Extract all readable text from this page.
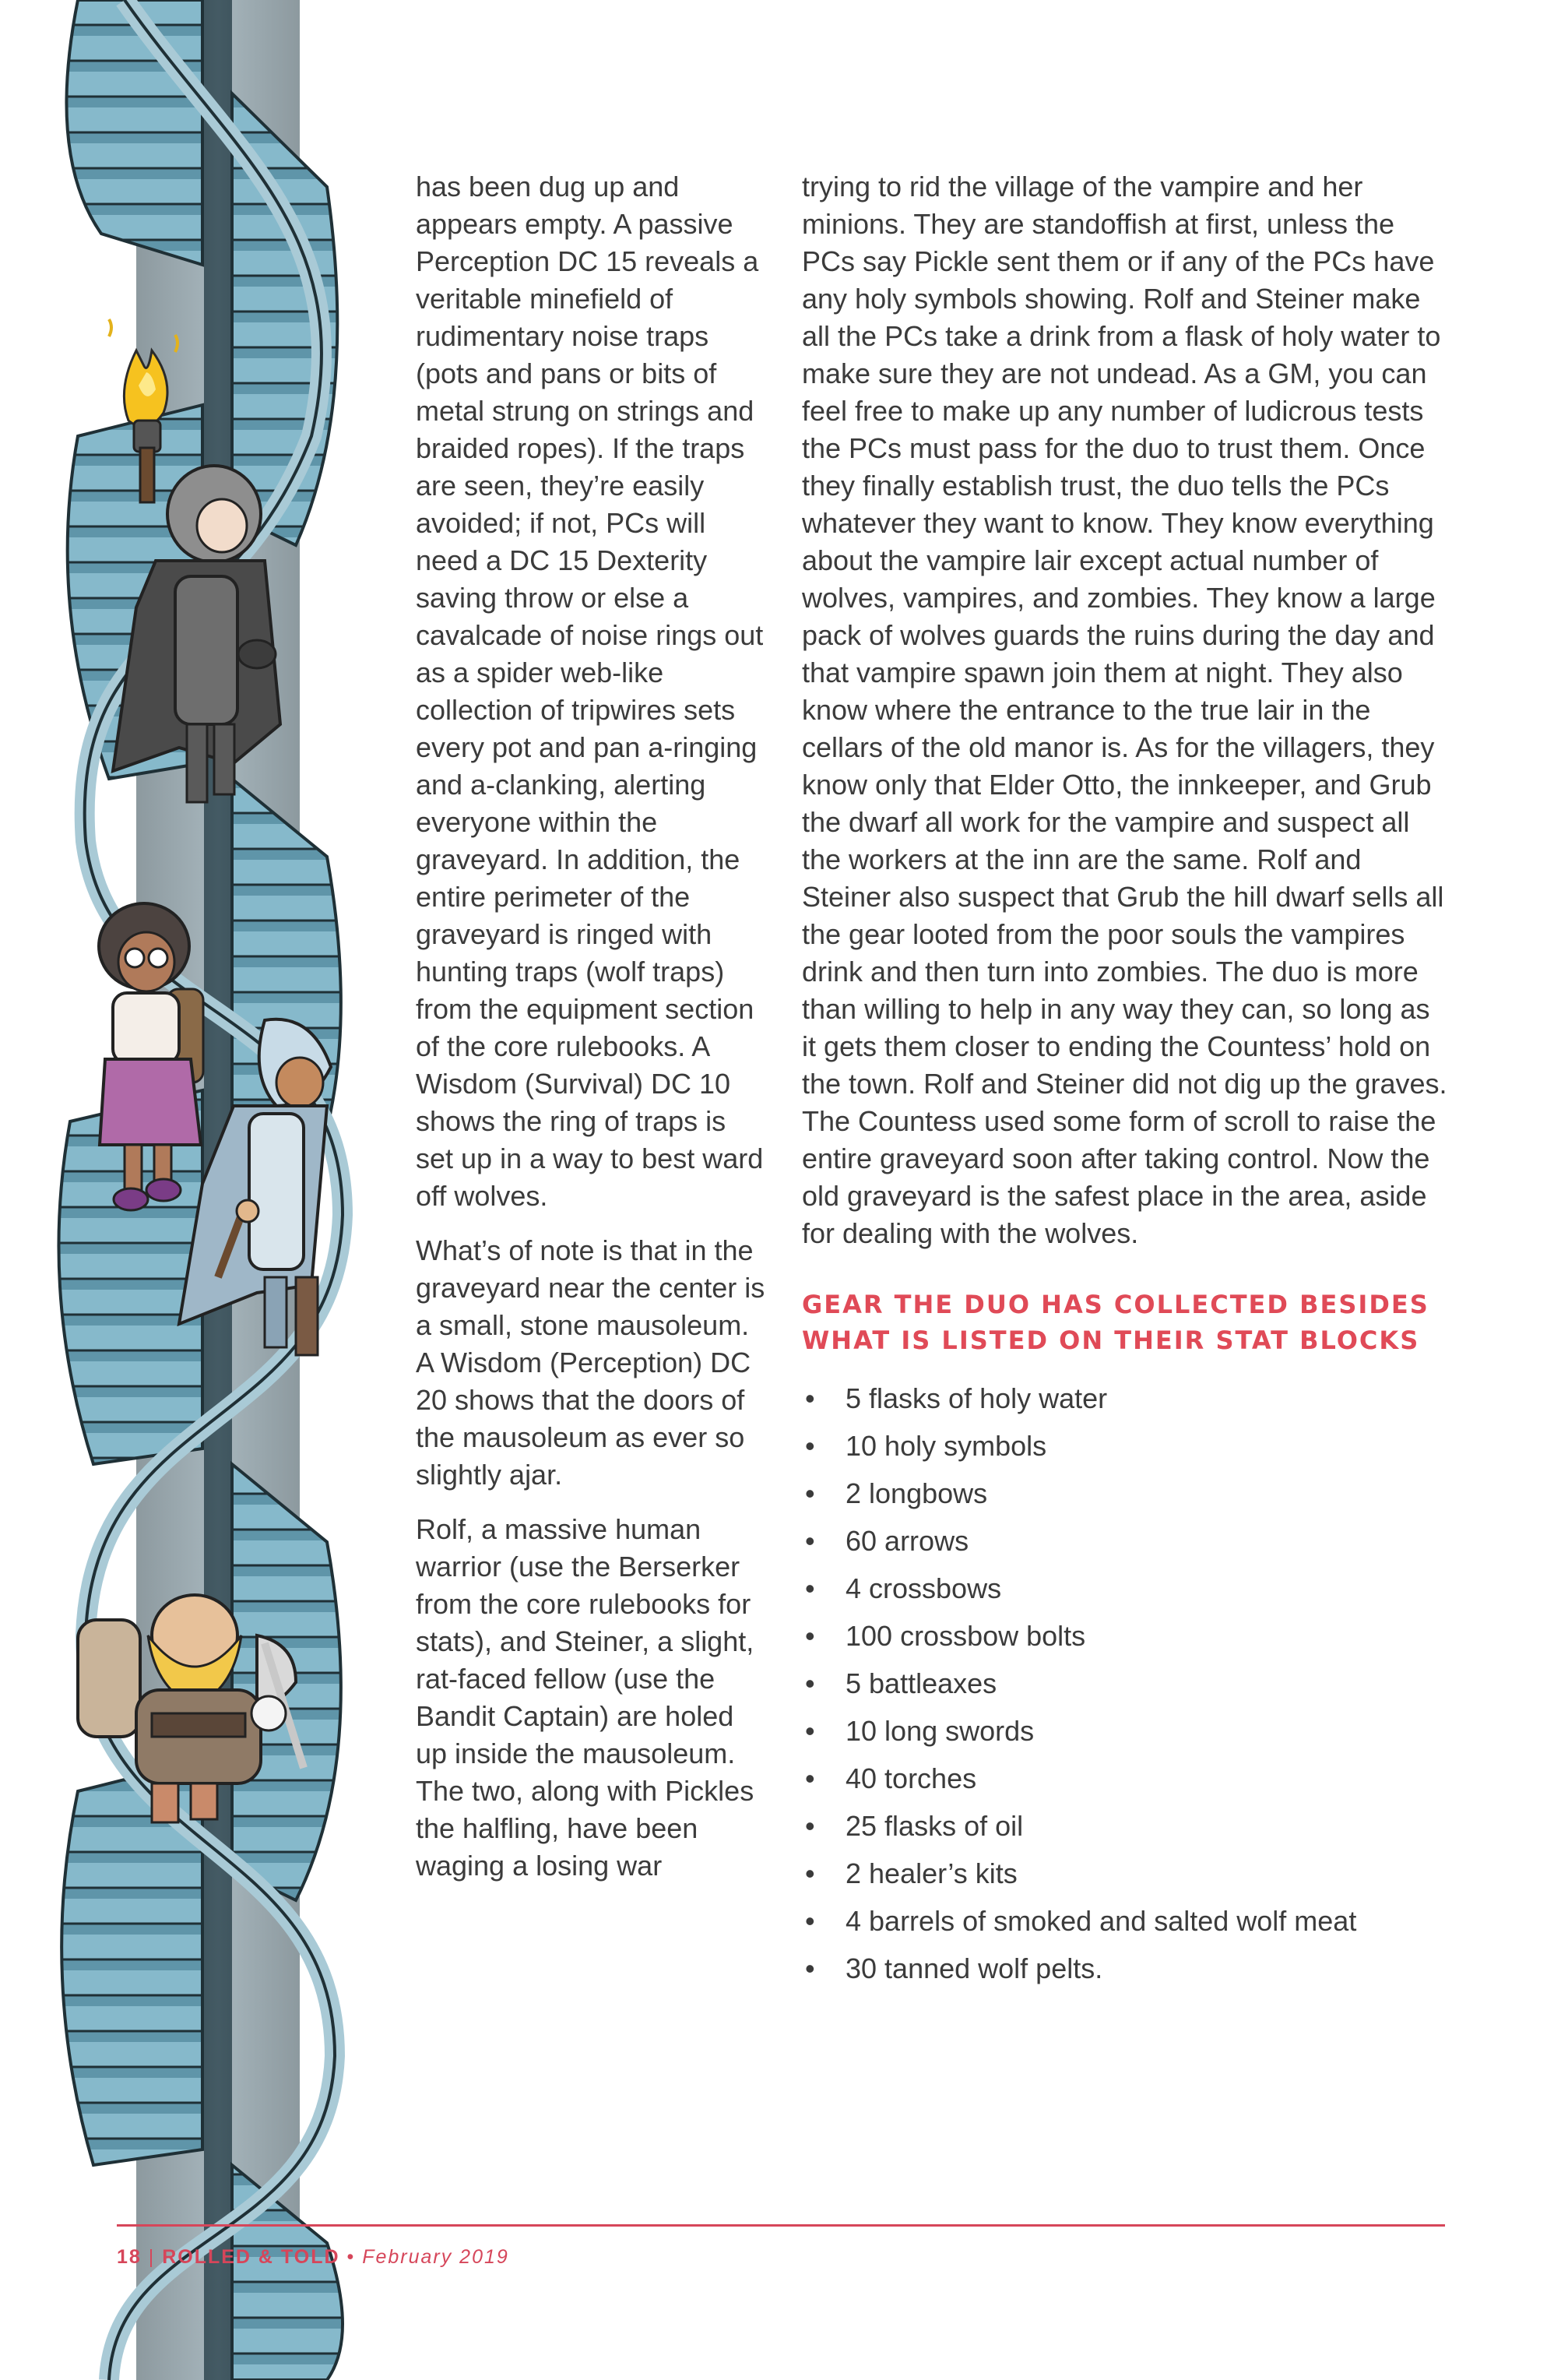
has been dug up and appears empty. A passive Perception DC 15 reveals a veritable minefield of rudimentary noise traps (pots and pans or bits of metal strung on strings and braided ropes). If the traps are seen, they’re easily avoided; if not, PCs will need a DC 15 Dexterity saving throw or else a cavalcade of noise rings out as a spider web-like collection of tripwires sets every pot and pan a-ringing and a-clanking, alerting everyone within the graveyard. In addition, the entire perimeter of the graveyard is ringed with hunting traps (wolf traps) from the equipment section of the core rulebooks. A Wisdom (Survival) DC 10 shows the ring of traps is set up in a way to best ward off wolves.

What’s of note is that in the graveyard near the center is a small, stone mausoleum. A Wisdom (Perception) DC 20 shows that the doors of the mausoleum as ever so slightly ajar.

Rolf, a massive human warrior (use the Berserker from the core rulebooks for stats), and Steiner, a slight, rat-faced fellow (use the Bandit Captain) are holed up inside the mausoleum. The two, along with Pickles the halfling, have been waging a losing war

trying to rid the village of the vampire and her minions. They are standoffish at first, unless the PCs say Pickle sent them or if any of the PCs have any holy symbols showing. Rolf and Steiner make all the PCs take a drink from a flask of holy water to make sure they are not undead. As a GM, you can feel free to make up any number of ludicrous tests the PCs must pass for the duo to trust them. Once they finally establish trust, the duo tells the PCs whatever they want to know. They know everything about the vampire lair except actual number of wolves, vampires, and zombies. They know a large pack of wolves guards the ruins during the day and that vampire spawn join them at night. They also know where the entrance to the true lair in the cellars of the old manor is. As for the villagers, they know only that Elder Otto, the innkeeper, and Grub the dwarf all work for the vampire and suspect all the workers at the inn are the same. Rolf and Steiner also suspect that Grub the hill dwarf sells all the gear looted from the poor souls the vampires drink and then turn into zombies. The duo is more than willing to help in any way they can, so long as it gets them closer to ending the Countess’ hold on the town. Rolf and Steiner did not dig up the graves. The Countess used some form of scroll to raise the entire graveyard soon after taking control. Now the old graveyard is the safest place in the area, aside for dealing with the wolves.

GEAR THE DUO HAS COLLECTED BESIDES
WHAT IS LISTED ON THEIR STAT BLOCKS
• 5 flasks of holy water
• 10 holy symbols
• 2 longbows
• 60 arrows
• 4 crossbows
• 100 crossbow bolts
• 5 battleaxes
• 10 long swords
• 40 torches
• 25 flasks of oil
• 2 healer’s kits
• 4 barrels of smoked and salted wolf meat
• 30 tanned wolf pelts.
18 | ROLLED & TOLD • February 2019
